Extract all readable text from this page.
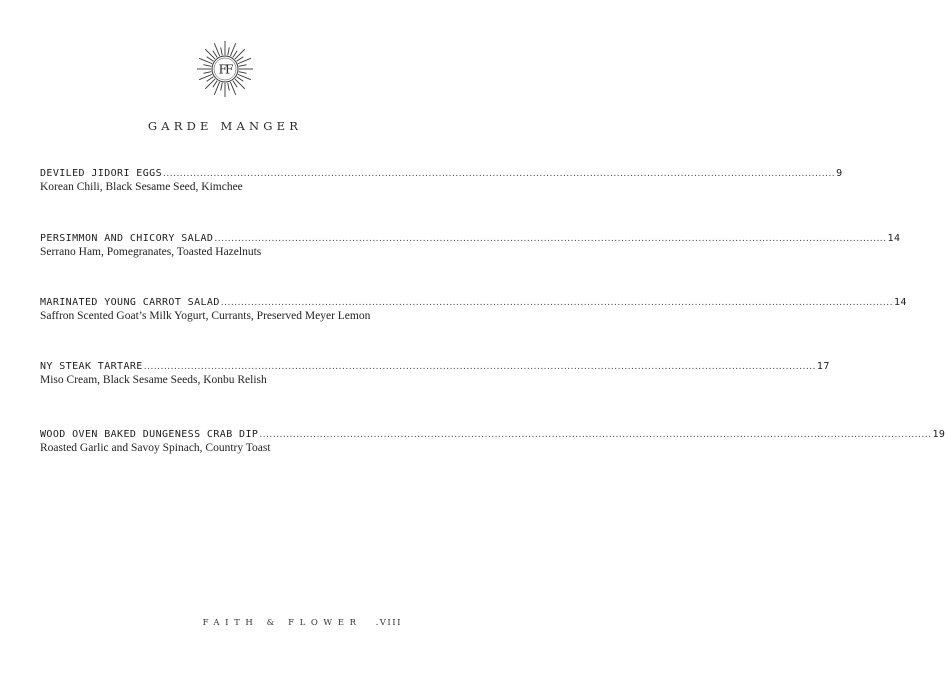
FF
GARDE MANGER
DEVILED JIDORI EGGS ........................................................................................................................................................................................................ 9
Korean Chili, Black Sesame Seed, Kimchee
PERSIMMON AND CHICORY SALAD ........................................................................................................................................................................................................ 14
Serrano Ham, Pomegranates, Toasted Hazelnuts
MARINATED YOUNG CARROT SALAD ........................................................................................................................................................................................................ 14
Saffron Scented Goat’s Milk Yogurt, Currants, Preserved Meyer Lemon
NY STEAK TARTARE ........................................................................................................................................................................................................ 17
Miso Cream, Black Sesame Seeds, Konbu Relish
WOOD OVEN BAKED DUNGENESS CRAB DIP ........................................................................................................................................................................................................ 19
Roasted Garlic and Savoy Spinach, Country Toast
FAITH & FLOWER .VIII
